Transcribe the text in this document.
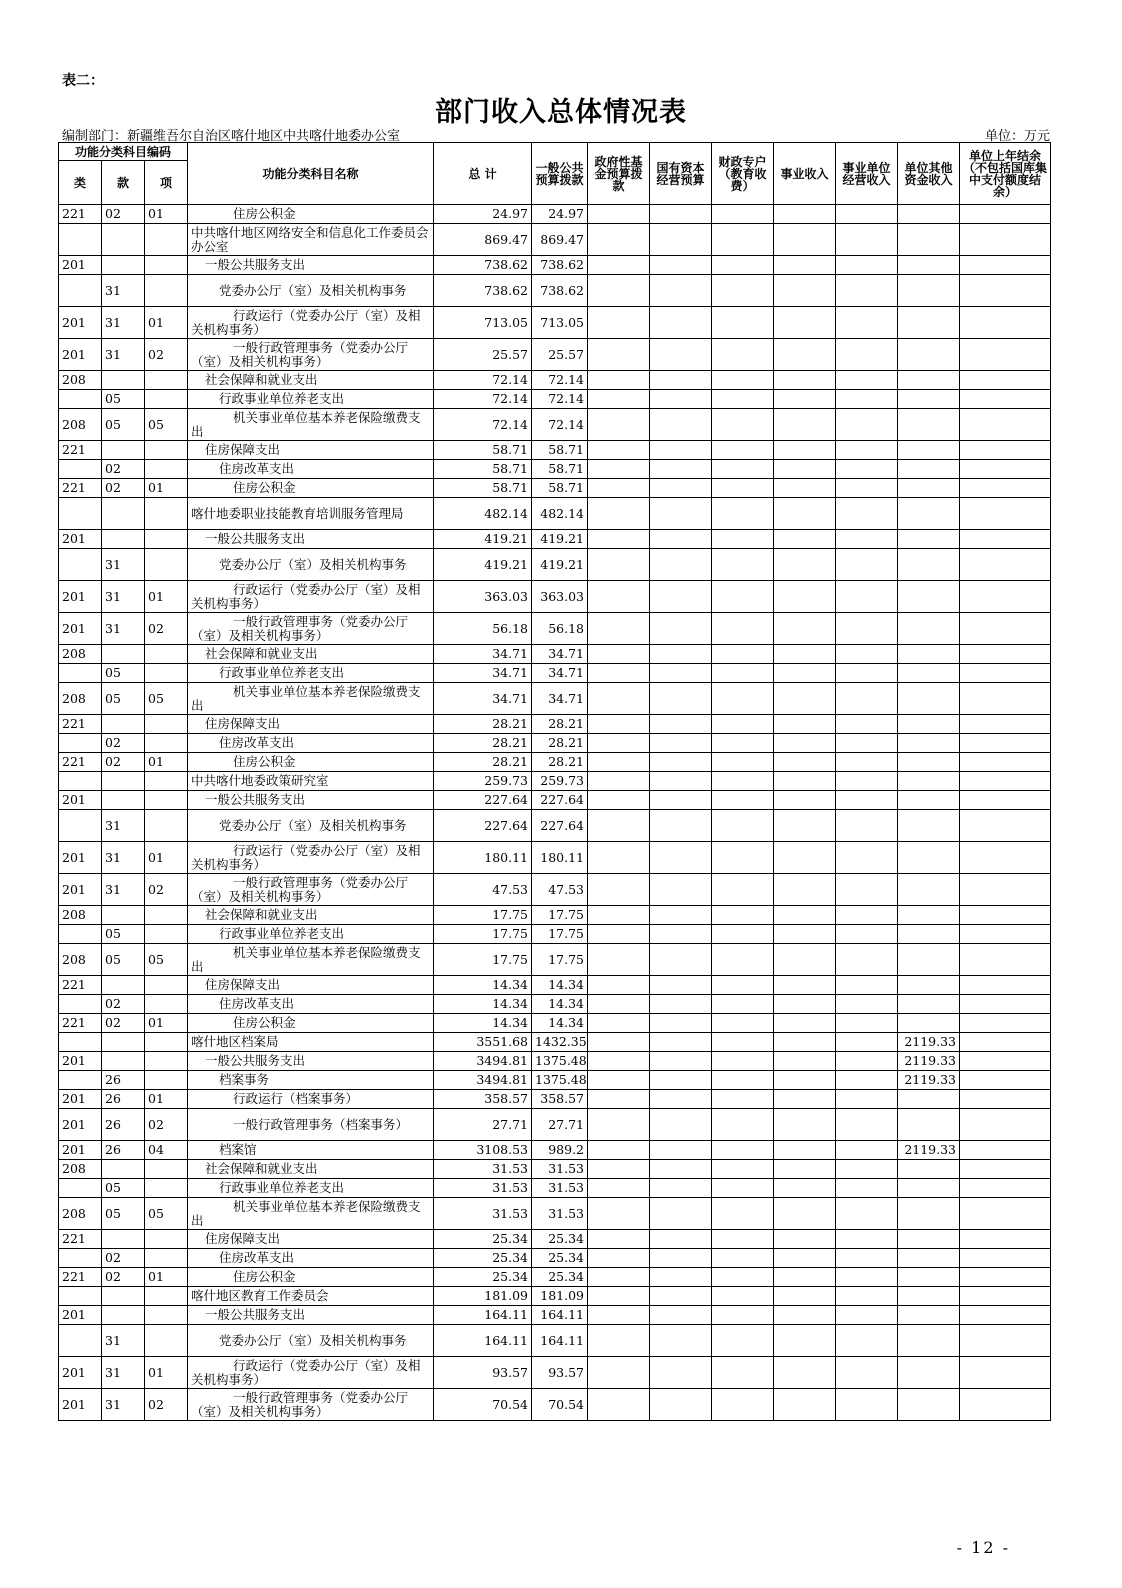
表二：
部门收入总体情况表
编制部门：新疆维吾尔自治区喀什地区中共喀什地委办公室	单位：万元
功能分类科目编码			功能分类科目名称	总 计	一般公共预算拨款	政府性基金预算拨款	国有资本经营预算	财政专户（教育收费）	事业收入	事业单位经营收入	单位其他资金收入	单位上年结余（不包括国库集中支付额度结余）
类	款	项										
221	02	01	住房公积金	24.97	24.97							
			中共喀什地区网络安全和信息化工作委员会办公室	869.47	869.47							
201			一般公共服务支出	738.62	738.62							
	31		党委办公厅（室）及相关机构事务	738.62	738.62							
201	31	01	行政运行（党委办公厅（室）及相关机构事务）	713.05	713.05							
201	31	02	一般行政管理事务（党委办公厅（室）及相关机构事务）	25.57	25.57							
208			社会保障和就业支出	72.14	72.14							
	05		行政事业单位养老支出	72.14	72.14							
208	05	05	机关事业单位基本养老保险缴费支出	72.14	72.14							
221			住房保障支出	58.71	58.71							
	02		住房改革支出	58.71	58.71							
221	02	01	住房公积金	58.71	58.71							
			喀什地委职业技能教育培训服务管理局	482.14	482.14							
201			一般公共服务支出	419.21	419.21							
	31		党委办公厅（室）及相关机构事务	419.21	419.21							
201	31	01	行政运行（党委办公厅（室）及相关机构事务）	363.03	363.03							
201	31	02	一般行政管理事务（党委办公厅（室）及相关机构事务）	56.18	56.18							
208			社会保障和就业支出	34.71	34.71							
	05		行政事业单位养老支出	34.71	34.71							
208	05	05	机关事业单位基本养老保险缴费支出	34.71	34.71							
221			住房保障支出	28.21	28.21							
	02		住房改革支出	28.21	28.21							
221	02	01	住房公积金	28.21	28.21							
			中共喀什地委政策研究室	259.73	259.73							
201			一般公共服务支出	227.64	227.64							
	31		党委办公厅（室）及相关机构事务	227.64	227.64							
201	31	01	行政运行（党委办公厅（室）及相关机构事务）	180.11	180.11							
201	31	02	一般行政管理事务（党委办公厅（室）及相关机构事务）	47.53	47.53							
208			社会保障和就业支出	17.75	17.75							
	05		行政事业单位养老支出	17.75	17.75							
208	05	05	机关事业单位基本养老保险缴费支出	17.75	17.75							
221			住房保障支出	14.34	14.34							
	02		住房改革支出	14.34	14.34							
221	02	01	住房公积金	14.34	14.34							
			喀什地区档案局	3551.68	1432.35						2119.33	
201			一般公共服务支出	3494.81	1375.48						2119.33	
	26		档案事务	3494.81	1375.48						2119.33	
201	26	01	行政运行（档案事务）	358.57	358.57							
201	26	02	一般行政管理事务（档案事务）	27.71	27.71							
201	26	04	档案馆	3108.53	989.2						2119.33	
208			社会保障和就业支出	31.53	31.53							
	05		行政事业单位养老支出	31.53	31.53							
208	05	05	机关事业单位基本养老保险缴费支出	31.53	31.53							
221			住房保障支出	25.34	25.34							
	02		住房改革支出	25.34	25.34							
221	02	01	住房公积金	25.34	25.34							
			喀什地区教育工作委员会	181.09	181.09							
201			一般公共服务支出	164.11	164.11							
	31		党委办公厅（室）及相关机构事务	164.11	164.11							
201	31	01	行政运行（党委办公厅（室）及相关机构事务）	93.57	93.57							
201	31	02	一般行政管理事务（党委办公厅（室）及相关机构事务）	70.54	70.54							
- 12 -
